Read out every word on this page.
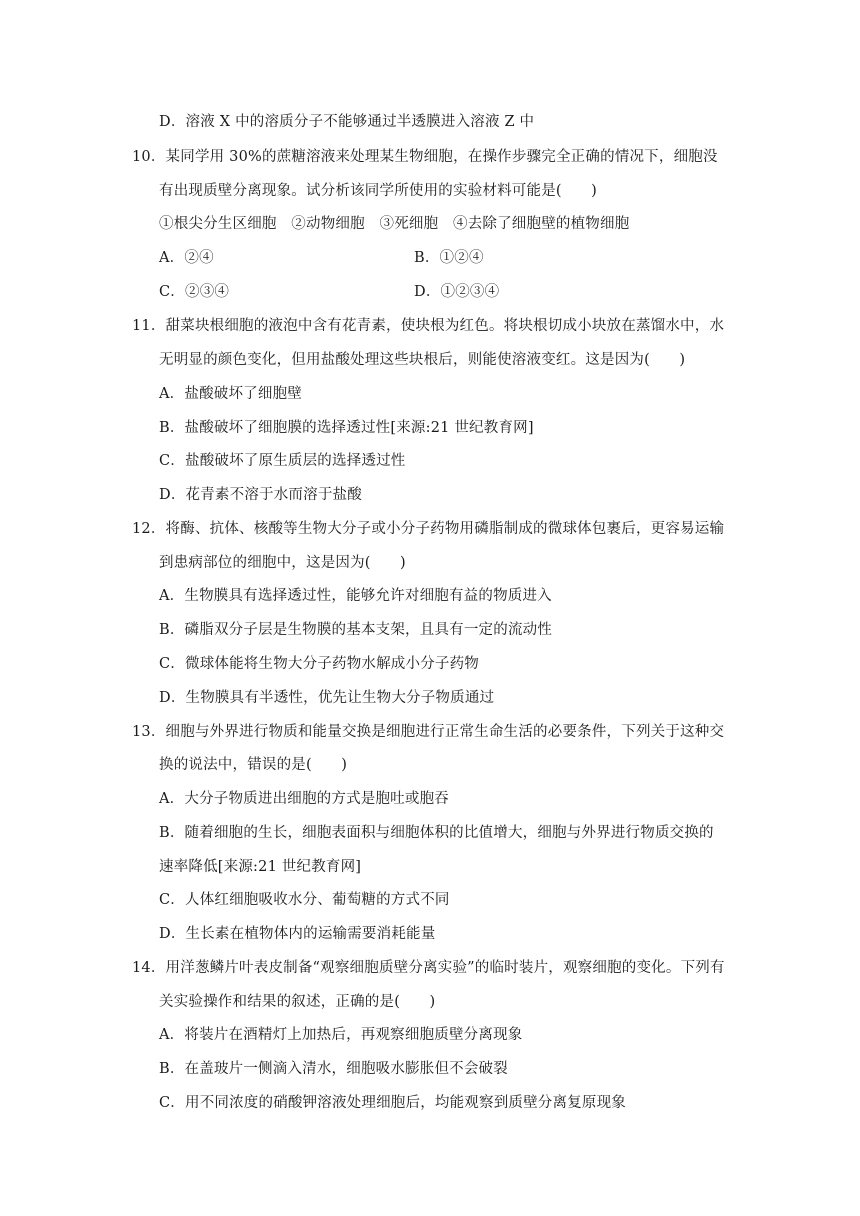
D．溶液 X 中的溶质分子不能够通过半透膜进入溶液 Z 中
10．某同学用 30%的蔗糖溶液来处理某生物细胞，在操作步骤完全正确的情况下，细胞没
有出现质壁分离现象。试分析该同学所使用的实验材料可能是(　　)
①根尖分生区细胞　②动物细胞　③死细胞　④去除了细胞壁的植物细胞
A．②④	B．①②④
C．②③④	D．①②③④
11．甜菜块根细胞的液泡中含有花青素，使块根为红色。将块根切成小块放在蒸馏水中，水
无明显的颜色变化，但用盐酸处理这些块根后，则能使溶液变红。这是因为(　　)
A．盐酸破坏了细胞壁
B．盐酸破坏了细胞膜的选择透过性[来源:21 世纪教育网]
C．盐酸破坏了原生质层的选择透过性
D．花青素不溶于水而溶于盐酸
12．将酶、抗体、核酸等生物大分子或小分子药物用磷脂制成的微球体包裹后，更容易运输
到患病部位的细胞中，这是因为(　　)
A．生物膜具有选择透过性，能够允许对细胞有益的物质进入
B．磷脂双分子层是生物膜的基本支架，且具有一定的流动性
C．微球体能将生物大分子药物水解成小分子药物
D．生物膜具有半透性，优先让生物大分子物质通过
13．细胞与外界进行物质和能量交换是细胞进行正常生命生活的必要条件，下列关于这种交
换的说法中，错误的是(　　)
A．大分子物质进出细胞的方式是胞吐或胞吞
B．随着细胞的生长，细胞表面积与细胞体积的比值增大，细胞与外界进行物质交换的
速率降低[来源:21 世纪教育网]
C．人体红细胞吸收水分、葡萄糖的方式不同
D．生长素在植物体内的运输需要消耗能量
14．用洋葱鳞片叶表皮制备“观察细胞质壁分离实验”的临时装片，观察细胞的变化。下列有
关实验操作和结果的叙述，正确的是(　　)
A．将装片在酒精灯上加热后，再观察细胞质壁分离现象
B．在盖玻片一侧滴入清水，细胞吸水膨胀但不会破裂
C．用不同浓度的硝酸钾溶液处理细胞后，均能观察到质壁分离复原现象
